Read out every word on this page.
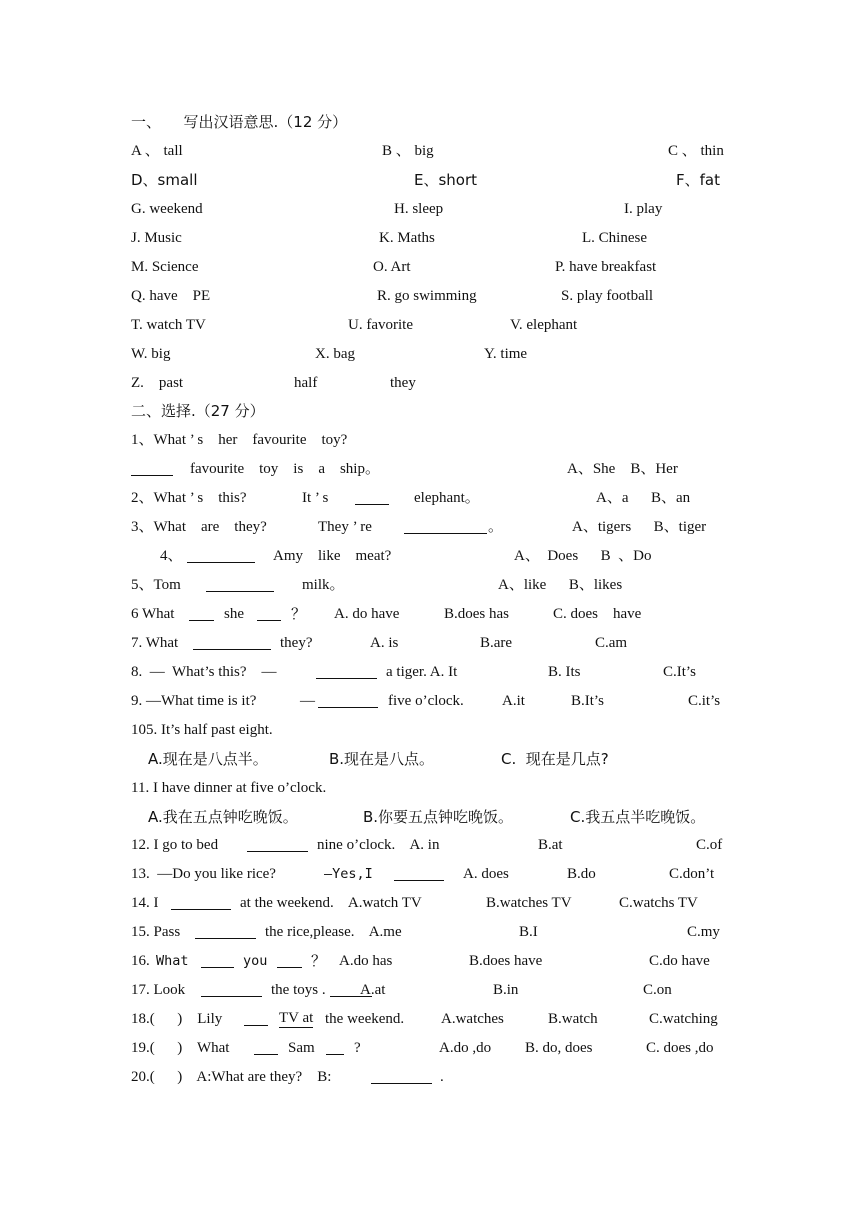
一、　　写出汉语意思.（12 分）
A 、 tall	B 、 big	C 、 thin
D、small	E、short	F、fat
G. weekend	H. sleep	I. play
J. Music	K. Maths	L. Chinese
M. Science	O. Art	P. have breakfast
Q. have    PE	R. go swimming	S. play football
T. watch TV	U. favorite	V. elephant
W. big	X. bag	Y. time
Z.    past	half	they
二、选择.（27 分）
1、What ’ s    her    favourite    toy?
favourite    toy    is    a    ship。	A、She    B、Her
2、What ’ s    this?	It ’ s	elephant。	A、a      B、an
3、What    are    they?	They ’ re	。	A、tigers      B、tiger
4、	Amy    like    meat?	A、  Does      B  、Do
5、Tom	milk。	A、like      B、likes
6 What	she	？ A. do have	B.does has	C. does    have
7. What	they?	A. is	B.are	C.am
8.  —  What’s this?    —	a tiger. A. It	B. Its	C.It’s
9. —What time is it?	—	five o’clock.	A.it	B.It’s	C.it’s
105. It’s half past eight.
A.现在是八点半。	B.现在是八点。	C.  现在是几点?
11. I have dinner at five o’clock.
A.我在五点钟吃晚饭。	B.你要五点钟吃晚饭。	C.我五点半吃晚饭。
12. I go to bed	nine o’clock.    A. in	B.at	C.of
13.  —Do you like rice?	—Yes,I	A. does	B.do	C.don’t
14. I	at the weekend.    A.watch TV	B.watches TV	C.watchs TV
15. Pass	the rice,please.    A.me	B.I	C.my
16. What	you	？ A.do has	B.does have	C.do have
17. Look	the toys . A.at	B.in	C.on
18.(      )    Lily	TV at the weekend. A.watches	B.watch	C.watching
19.(      )    What	Sam	?	A.do ,do B. do, does	C. does ,do
20.(      )    A:What are they?    B:	.
